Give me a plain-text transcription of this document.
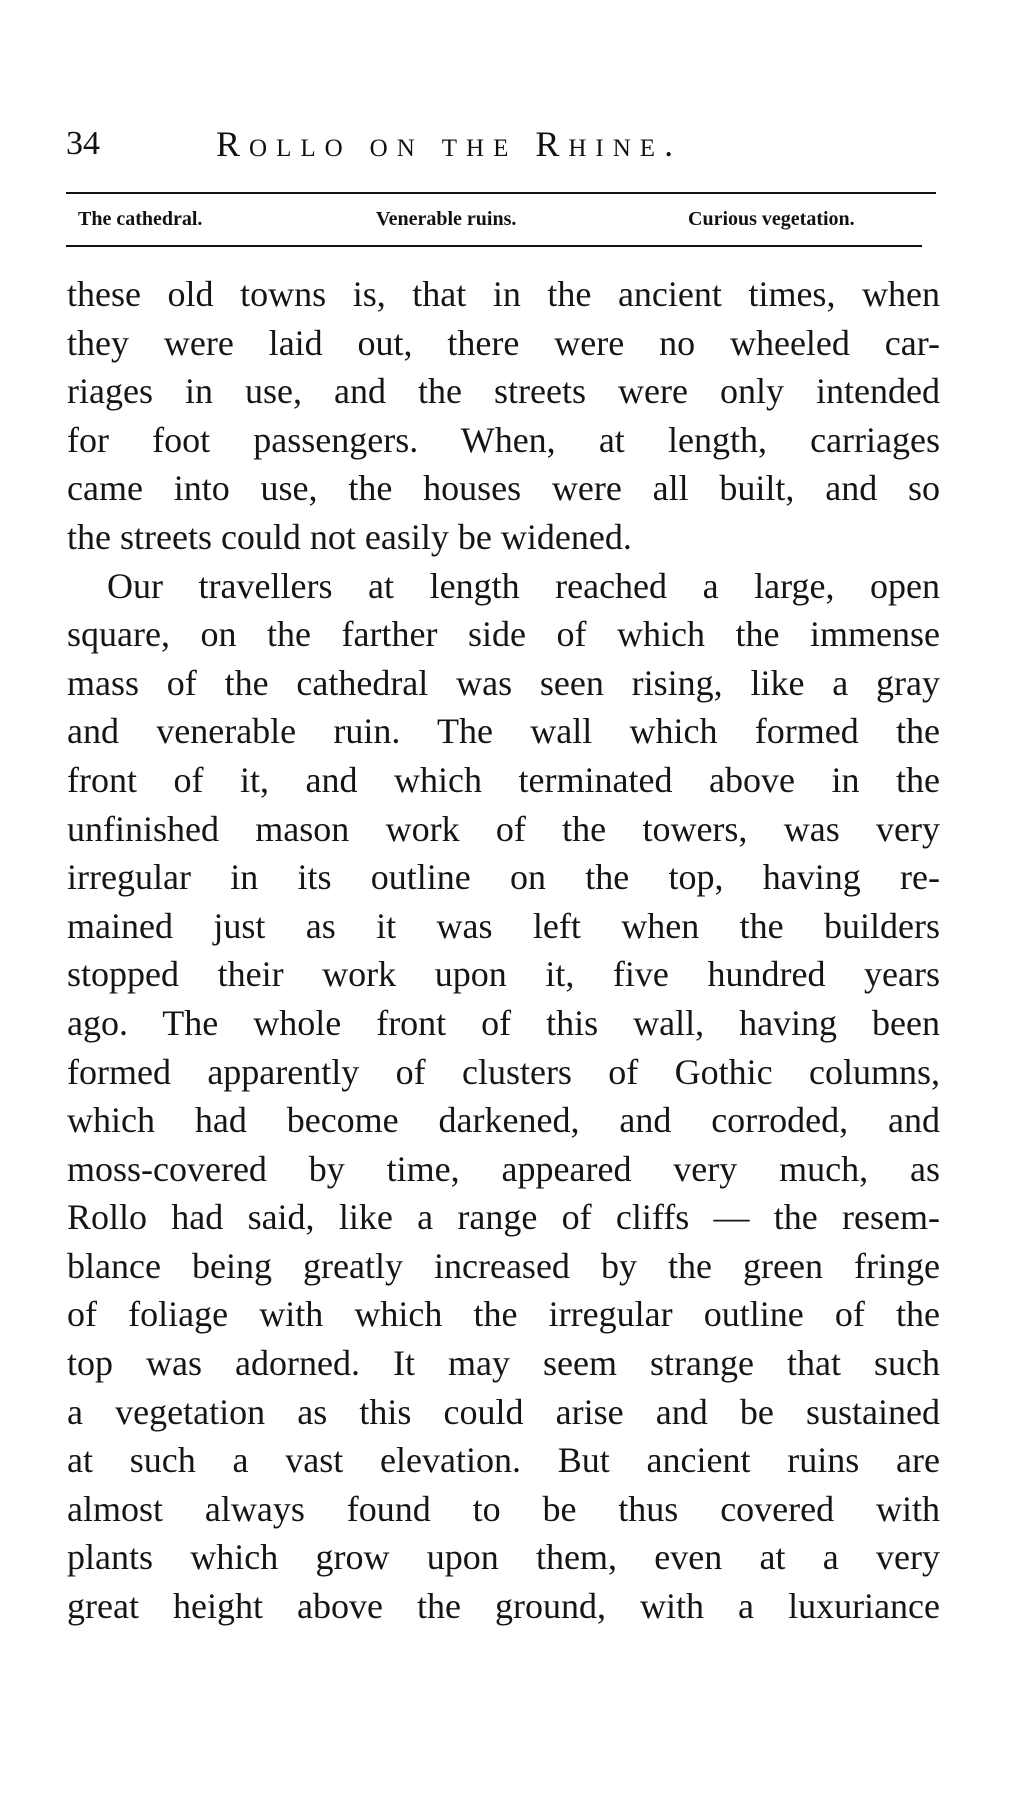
34	Rollo on the Rhine.
The cathedral.	Venerable ruins.	Curious vegetation.
these old towns is, that in the ancient times, when
they were laid out, there were no wheeled car-
riages in use, and the streets were only intended
for foot passengers. When, at length, carriages
came into use, the houses were all built, and so
the streets could not easily be widened.
Our travellers at length reached a large, open
square, on the farther side of which the immense
mass of the cathedral was seen rising, like a gray
and venerable ruin. The wall which formed the
front of it, and which terminated above in the
unfinished mason work of the towers, was very
irregular in its outline on the top, having re-
mained just as it was left when the builders
stopped their work upon it, five hundred years
ago. The whole front of this wall, having been
formed apparently of clusters of Gothic columns,
which had become darkened, and corroded, and
moss-covered by time, appeared very much, as
Rollo had said, like a range of cliffs — the resem-
blance being greatly increased by the green fringe
of foliage with which the irregular outline of the
top was adorned. It may seem strange that such
a vegetation as this could arise and be sustained
at such a vast elevation. But ancient ruins are
almost always found to be thus covered with
plants which grow upon them, even at a very
great height above the ground, with a luxuriance
